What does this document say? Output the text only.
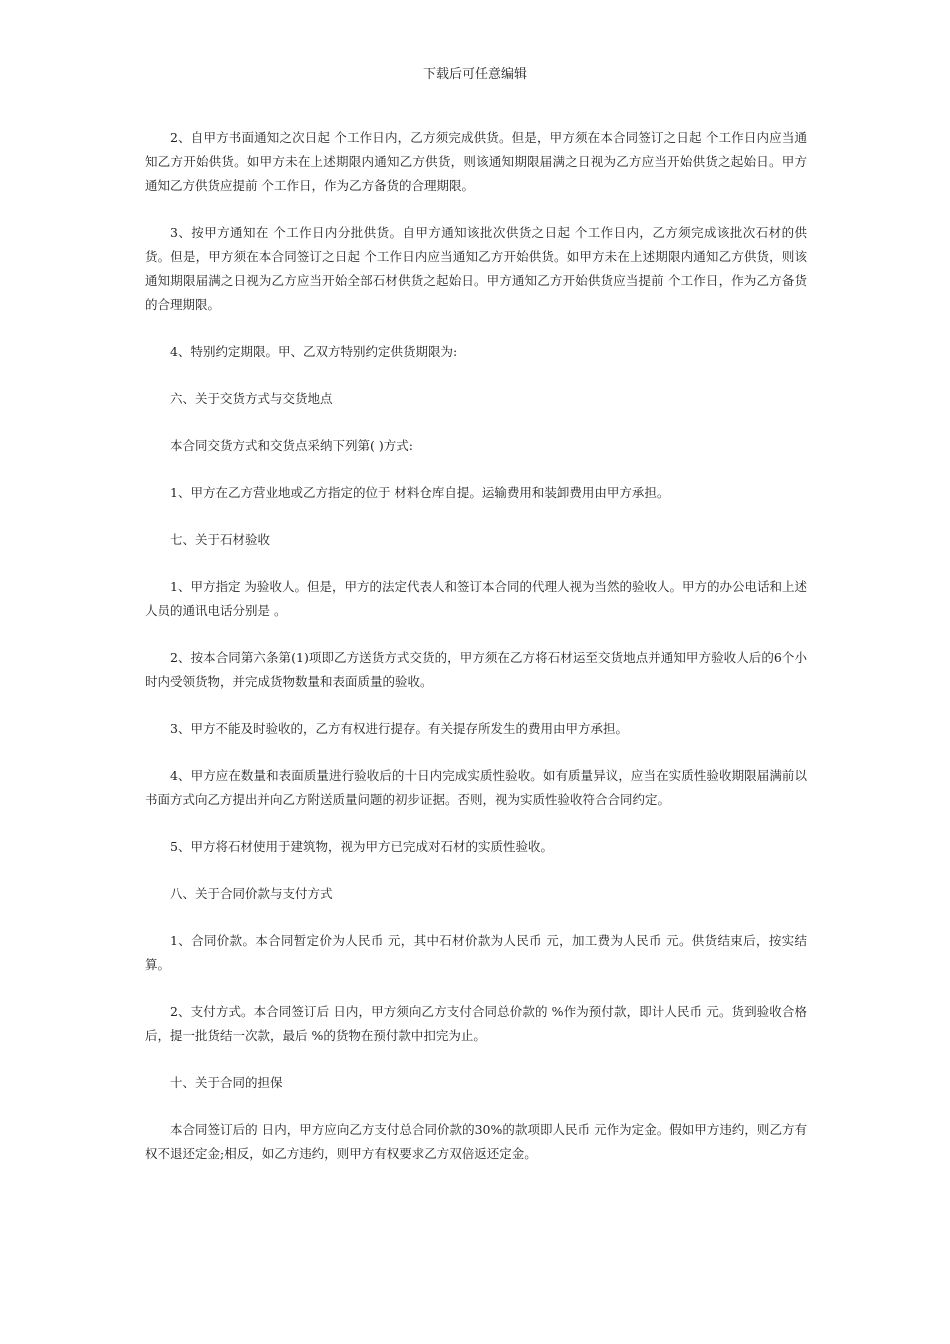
下载后可任意编辑

2、自甲方书面通知之次日起 个工作日内，乙方须完成供货。但是，甲方须在本合同签订之日起 个工作日内应当通知乙方开始供货。如甲方未在上述期限内通知乙方供货，则该通知期限届满之日视为乙方应当开始供货之起始日。甲方通知乙方供货应提前 个工作日，作为乙方备货的合理期限。

3、按甲方通知在 个工作日内分批供货。自甲方通知该批次供货之日起 个工作日内，乙方须完成该批次石材的供货。但是，甲方须在本合同签订之日起 个工作日内应当通知乙方开始供货。如甲方未在上述期限内通知乙方供货，则该通知期限届满之日视为乙方应当开始全部石材供货之起始日。甲方通知乙方开始供货应当提前 个工作日，作为乙方备货的合理期限。

4、特别约定期限。甲、乙双方特别约定供货期限为:

六、关于交货方式与交货地点

本合同交货方式和交货点采纳下列第( )方式:

1、甲方在乙方营业地或乙方指定的位于 材料仓库自提。运输费用和装卸费用由甲方承担。

七、关于石材验收

1、甲方指定 为验收人。但是，甲方的法定代表人和签订本合同的代理人视为当然的验收人。甲方的办公电话和上述人员的通讯电话分别是 。

2、按本合同第六条第(1)项即乙方送货方式交货的，甲方须在乙方将石材运至交货地点并通知甲方验收人后的6个小时内受领货物，并完成货物数量和表面质量的验收。

3、甲方不能及时验收的，乙方有权进行提存。有关提存所发生的费用由甲方承担。

4、甲方应在数量和表面质量进行验收后的十日内完成实质性验收。如有质量异议，应当在实质性验收期限届满前以书面方式向乙方提出并向乙方附送质量问题的初步证据。否则，视为实质性验收符合合同约定。

5、甲方将石材使用于建筑物，视为甲方已完成对石材的实质性验收。

八、关于合同价款与支付方式

1、合同价款。本合同暂定价为人民币 元，其中石材价款为人民币 元，加工费为人民币 元。供货结束后，按实结算。

2、支付方式。本合同签订后 日内，甲方须向乙方支付合同总价款的 %作为预付款，即计人民币 元。货到验收合格后，提一批货结一次款，最后 %的货物在预付款中扣完为止。

十、关于合同的担保

本合同签订后的 日内，甲方应向乙方支付总合同价款的30%的款项即人民币 元作为定金。假如甲方违约，则乙方有权不退还定金;相反，如乙方违约，则甲方有权要求乙方双倍返还定金。
